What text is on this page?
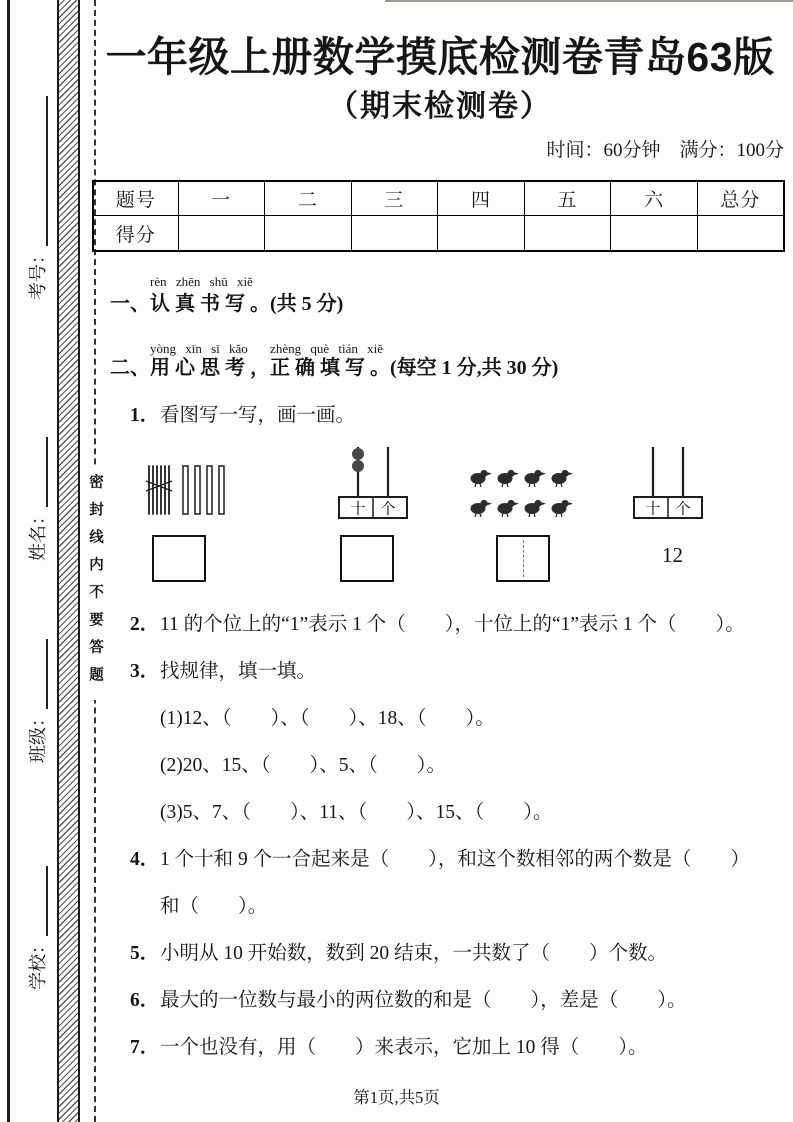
密封线内不要答题
学校：
班级：
姓名：
考号：
一年级上册数学摸底检测卷青岛63版
（期末检测卷）
时间：60分钟　满分：100分
题号	一	二	三	四	五	六	总分
得分							
rèn zhēn shū xiě
一、认 真 书 写 。(共 5 分)
yòng xīn sī kǎo　 zhèng què tián xiě
二、用 心 思 考 ，正 确 填 写 。(每空 1 分,共 30 分)
1． 看图写一写，画一画。
十 个	十 个
12
2． 11 的个位上的“1”表示 1 个（　　），十位上的“1”表示 1 个（　　）。
3． 找规律，填一填。
(1)12、（　　）、（　　）、18、（　　）。
(2)20、15、（　　）、5、（　　）。
(3)5、7、（　　）、11、（　　）、15、（　　）。
4． 1 个十和 9 个一合起来是（　　），和这个数相邻的两个数是（　　）
和（　　）。
5． 小明从 10 开始数，数到 20 结束，一共数了（　　）个数。
6． 最大的一位数与最小的两位数的和是（　　），差是（　　）。
7． 一个也没有，用（　　）来表示，它加上 10 得（　　）。
第1页,共5页
